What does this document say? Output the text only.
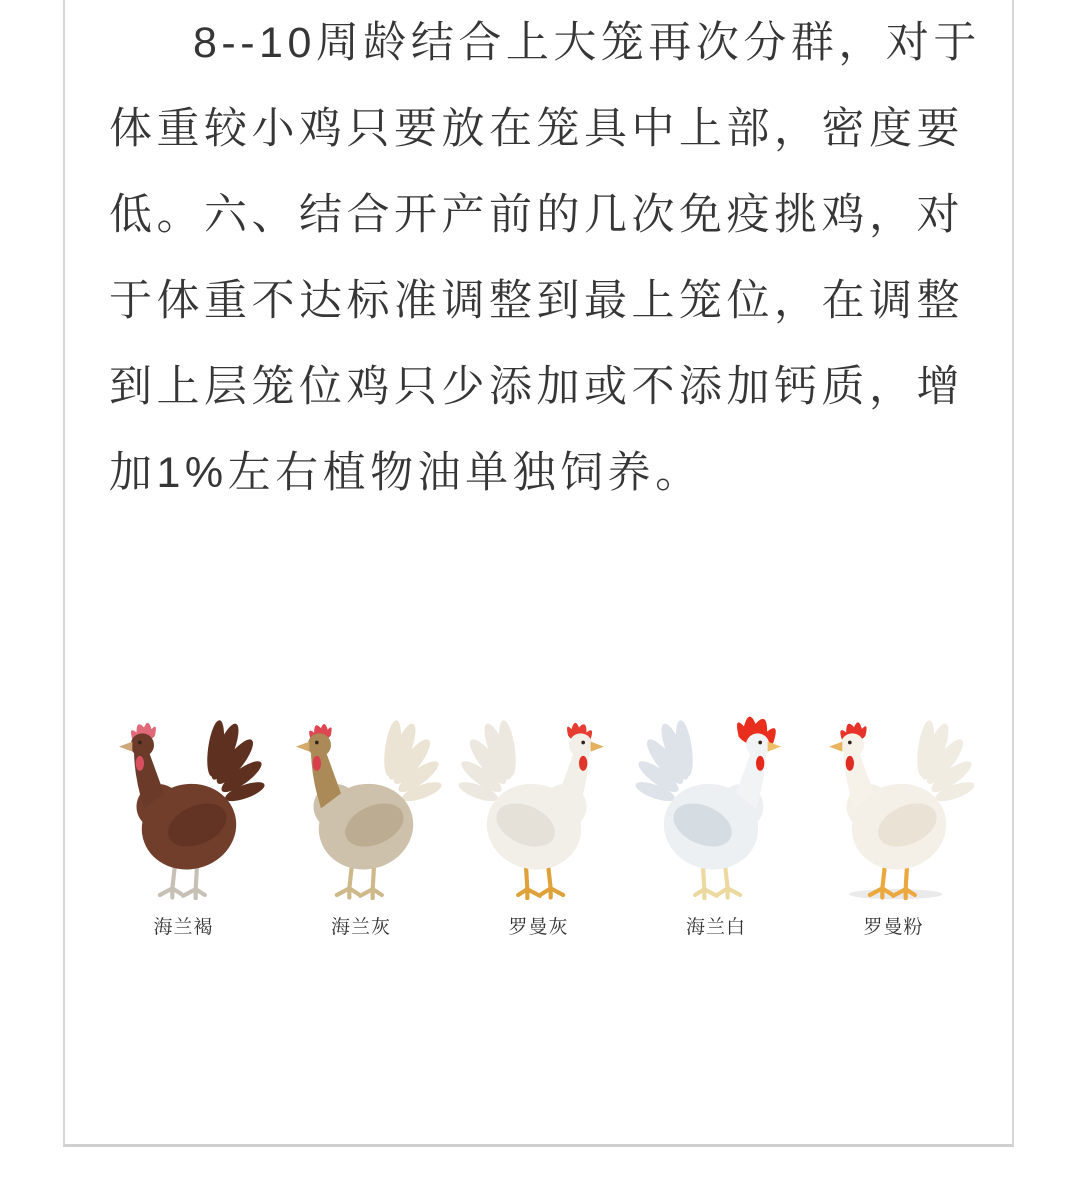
8--10周龄结合上大笼再次分群，对于
体重较小鸡只要放在笼具中上部，密度要
低。六、结合开产前的几次免疫挑鸡，对
于体重不达标准调整到最上笼位，在调整
到上层笼位鸡只少添加或不添加钙质，增
加1%左右植物油单独饲养。
海兰褐	海兰灰	罗曼灰	海兰白	罗曼粉
